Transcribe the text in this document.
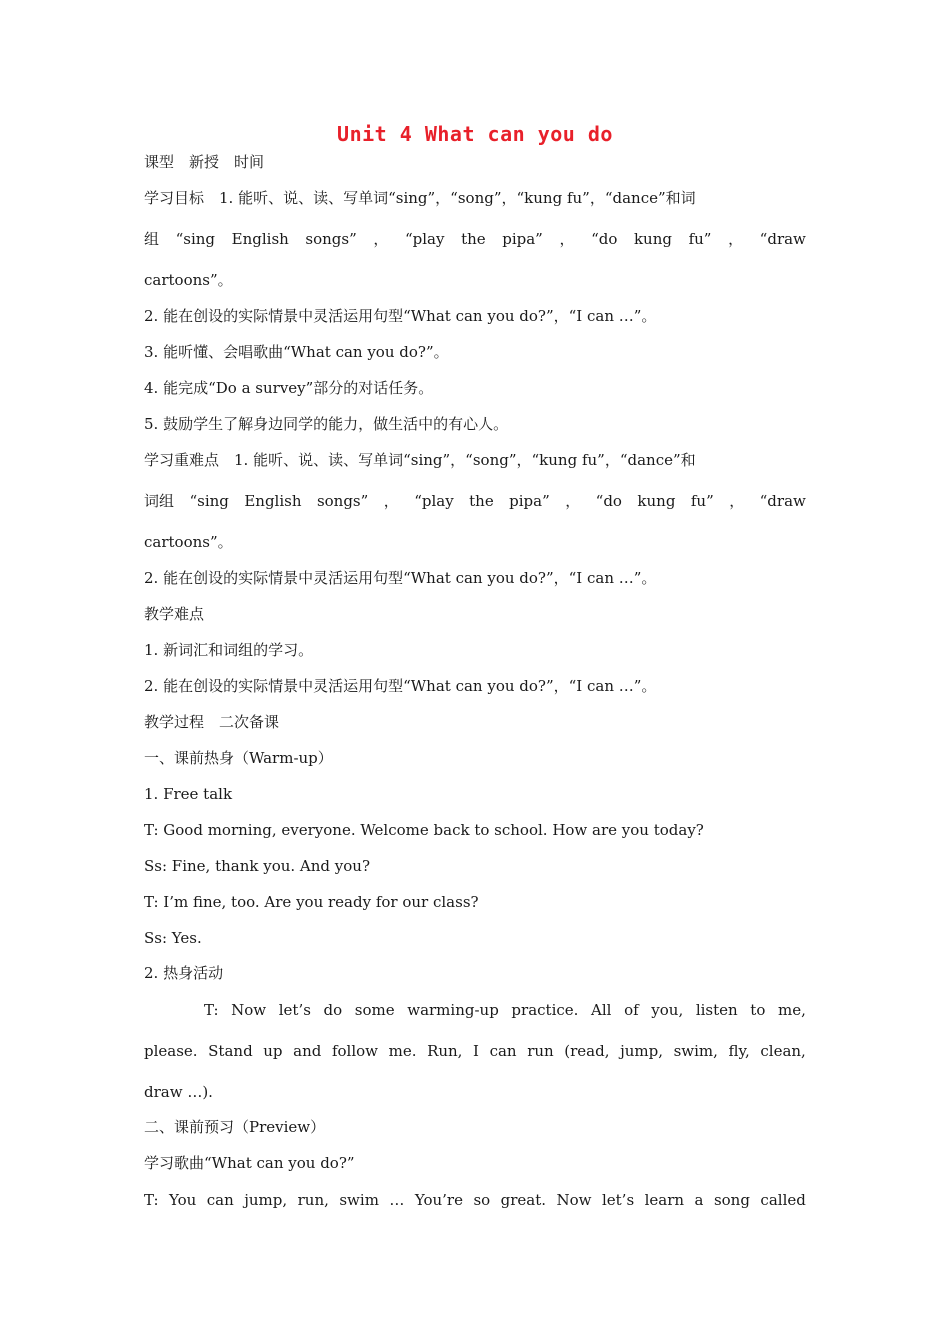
Unit 4 What can you do
课型　新授　时间
学习目标　1. 能听、说、读、写单词“sing”，“song”，“kung fu”，“dance”和词
组 “sing English songs” ， “play the pipa” ， “do kung fu” ， “draw
cartoons”。
2. 能在创设的实际情景中灵活运用句型“What can you do?”，“I can …”。
3. 能听懂、会唱歌曲“What can you do?”。
4. 能完成“Do a survey”部分的对话任务。
5. 鼓励学生了解身边同学的能力，做生活中的有心人。
学习重难点　1. 能听、说、读、写单词“sing”，“song”，“kung fu”，“dance”和
词组 “sing English songs” ， “play the pipa” ， “do kung fu” ， “draw
cartoons”。
2. 能在创设的实际情景中灵活运用句型“What can you do?”，“I can …”。
教学难点
1. 新词汇和词组的学习。
2. 能在创设的实际情景中灵活运用句型“What can you do?”，“I can …”。
教学过程　二次备课
一、课前热身（Warm-up）
1. Free talk
T: Good morning, everyone. Welcome back to school. How are you today?
Ss: Fine, thank you. And you?
T: I’m fine, too. Are you ready for our class?
Ss: Yes.
2. 热身活动
T: Now let’s do some warming-up practice. All of you, listen to me,
please. Stand up and follow me. Run, I can run (read, jump, swim, fly, clean,
draw …).
二、课前预习（Preview）
学习歌曲“What can you do?”
T: You can jump, run, swim … You’re so great. Now let’s learn a song called
